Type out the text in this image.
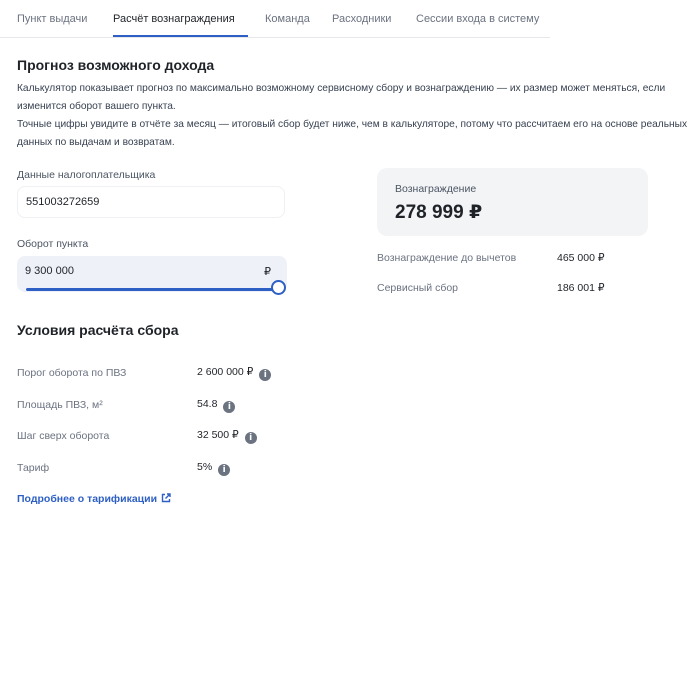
Пункт выдачи Расчёт вознаграждения	Команда Расходники Сессии входа в систему
Прогноз возможного дохода

Калькулятор показывает прогноз по максимально возможному сервисному сбору и вознаграждению — их размер может меняться, если изменится оборот вашего пункта.

Точные цифры увидите в отчёте за месяц — итоговый сбор будет ниже, чем в калькуляторе, потому что рассчитаем его на основе реальных данных по выдачам и возвратам.

Данные налогоплательщика
551003272659
Оборот пункта
9 300 000	₽
Вознаграждение
278 999 ₽
Вознаграждение до вычетов	465 000 ₽
Сервисный сбор	186 001 ₽
Условия расчёта сбора
Порог оборота по ПВЗ	2 600 000 ₽ i
Площадь ПВЗ, м²	54.8 i
Шаг сверх оборота	32 500 ₽ i
Тариф	5% i
Подробнее о тарификации
